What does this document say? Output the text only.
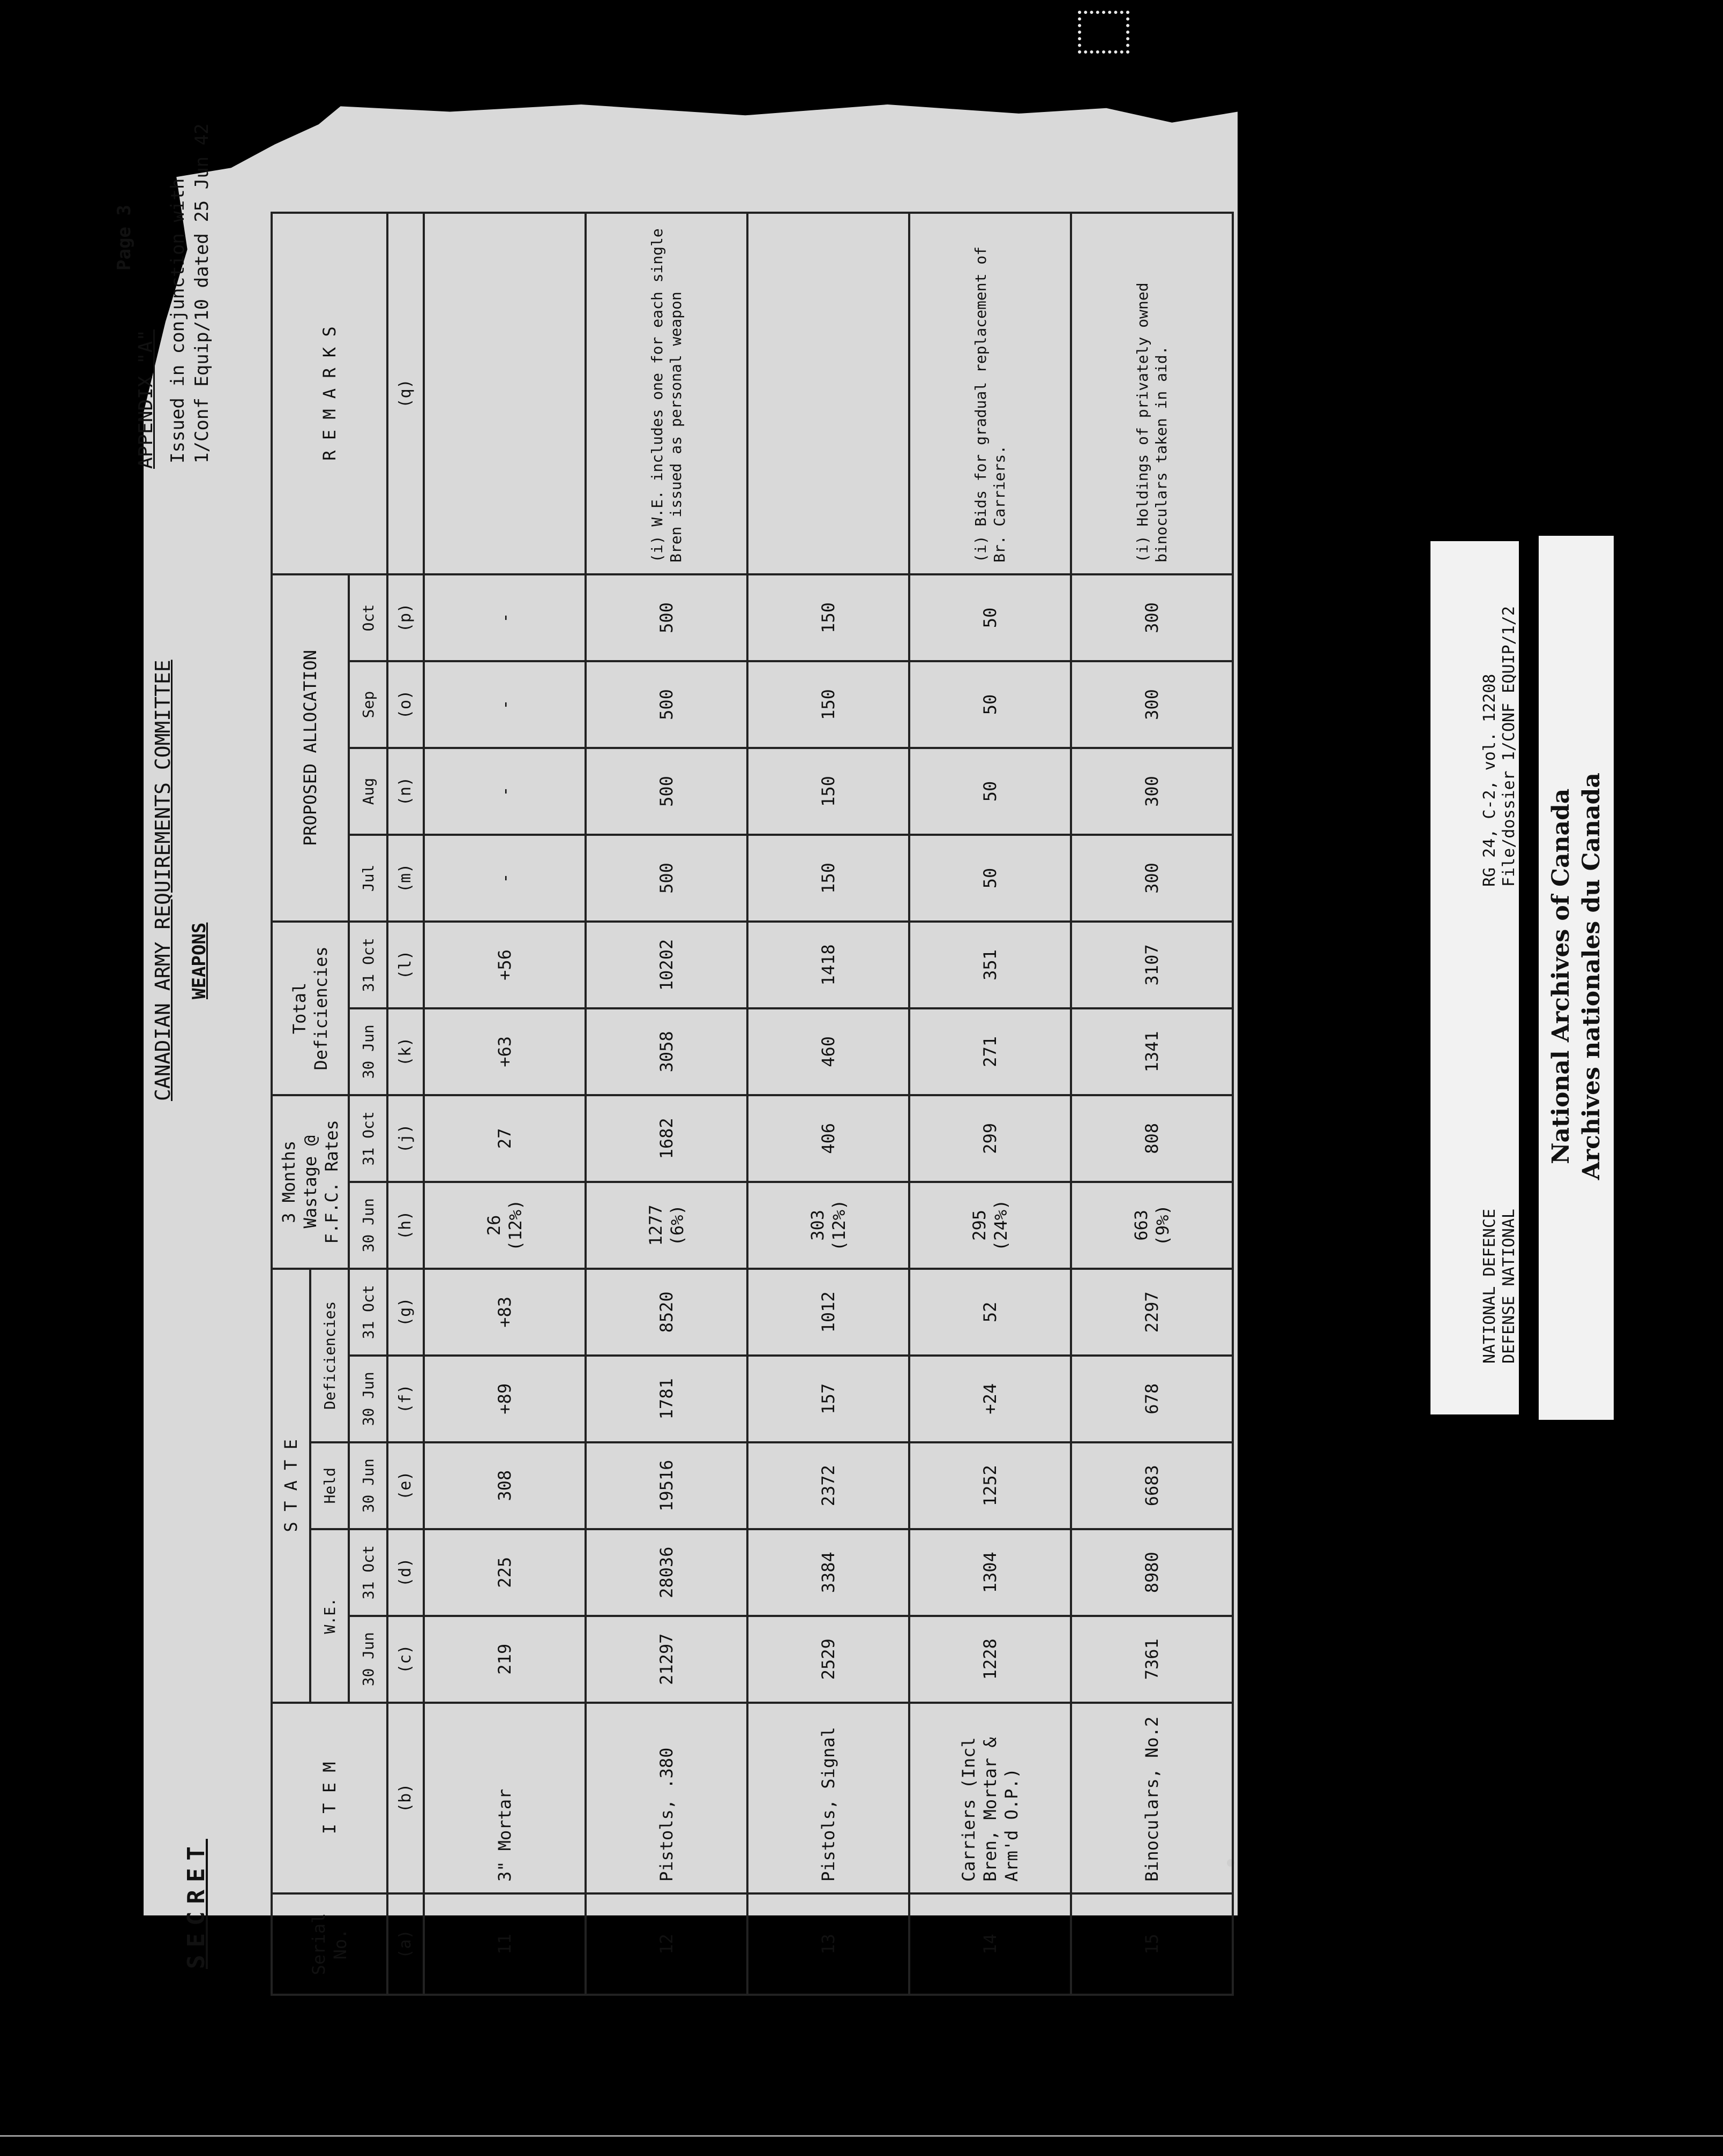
SECRET
CANADIAN ARMY REQUIREMENTS COMMITTEE WEAPONS
APPENDIX "A"
Page 3 Issued in conjunction with 1/Conf Equip/10 dated 25 Jun 42
Serial No.	I T E M	S T A T E					3 Months Wastage @ F.F.C. Rates		Total Deficiencies		PROPOSED ALLOCATION				R E M A R K S
		W.E.		Held	Deficiencies										
		30 Jun	31 Oct	30 Jun	30 Jun	31 Oct	30 Jun	31 Oct	30 Jun	31 Oct	Jul	Aug	Sep	Oct	
(a)	(b)	(c)	(d)	(e)	(f)	(g)	(h)	(j)	(k)	(l)	(m)	(n)	(o)	(p)	(q)
11	3" Mortar	219	225	308	+89	+83	26 (12%)	27	+63	+56	-	-	-	-	
12	Pistols, .380	21297	28036	19516	1781	8520	1277 (6%)	1682	3058	10202	500	500	500	500	(i) W.E. includes one for each single Bren issued as personal weapon
13	Pistols, Signal	2529	3384	2372	157	1012	303 (12%)	406	460	1418	150	150	150	150	
14	Carriers (Incl Bren, Mortar & Arm'd O.P.)	1228	1304	1252	+24	52	295 (24%)	299	271	351	50	50	50	50	(i) Bids for gradual replacement of Br. Carriers.
15	Binoculars, No.2	7361	8980	6683	678	2297	663 (9%)	808	1341	3107	300	300	300	300	(i) Holdings of privately owned binoculars taken in aid.
NATIONAL DEFENCE DEFENSE NATIONAL
RG 24, C-2, vol. 12208 File/dossier 1/CONF EQUIP/1/2
National Archives of Canada Archives nationales du Canada
